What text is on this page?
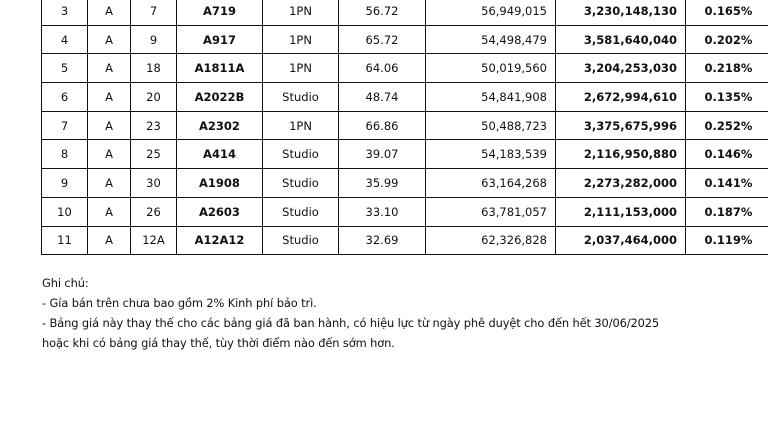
3	A	7	A719	1PN	56.72	56,949,015	3,230,148,130	0.165%
4	A	9	A917	1PN	65.72	54,498,479	3,581,640,040	0.202%
5	A	18	A1811A	1PN	64.06	50,019,560	3,204,253,030	0.218%
6	A	20	A2022B	Studio	48.74	54,841,908	2,672,994,610	0.135%
7	A	23	A2302	1PN	66.86	50,488,723	3,375,675,996	0.252%
8	A	25	A414	Studio	39.07	54,183,539	2,116,950,880	0.146%
9	A	30	A1908	Studio	35.99	63,164,268	2,273,282,000	0.141%
10	A	26	A2603	Studio	33.10	63,781,057	2,111,153,000	0.187%
11	A	12A	A12A12	Studio	32.69	62,326,828	2,037,464,000	0.119%
Ghi chú:
- Gía bán trên chưa bao gồm 2% Kinh phí bảo trì.
- Bảng giá này thay thế cho các bảng giá đã ban hành, có hiệu lực từ ngày phê duyệt cho đến hết 30/06/2025
hoặc khi có bảng giá thay thế, tùy thời điểm nào đến sớm hơn.
